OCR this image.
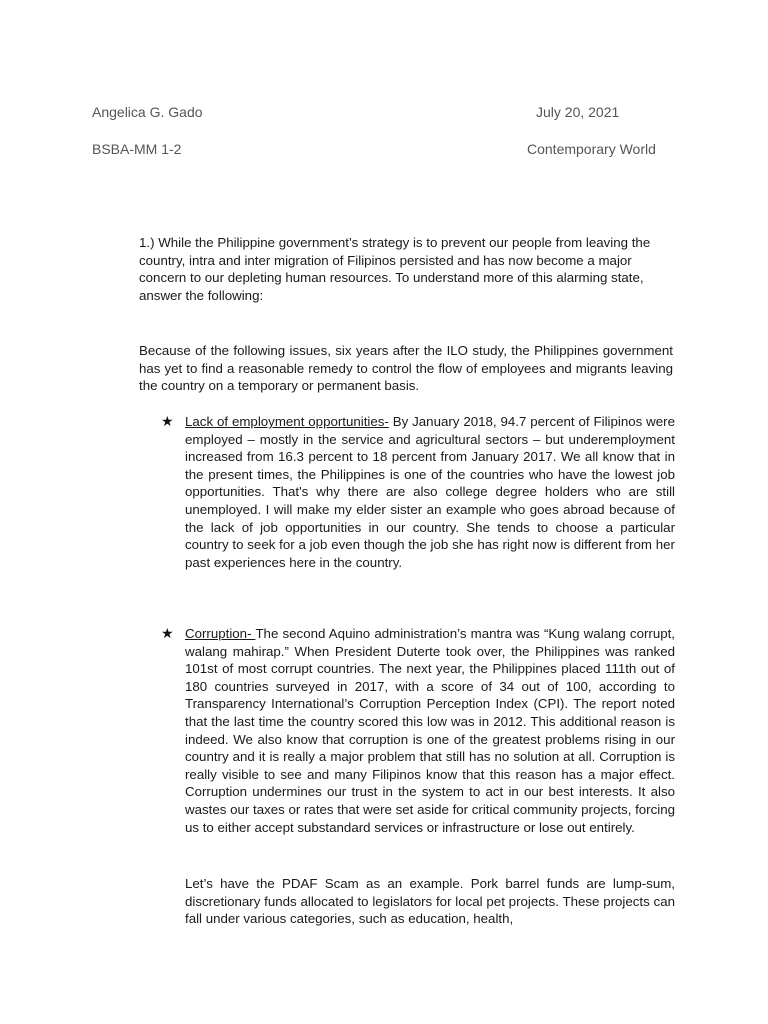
Angelica G. Gado	July 20, 2021
BSBA-MM 1-2	Contemporary World

1.) While the Philippine government’s strategy is to prevent our people from leaving the country, intra and inter migration of Filipinos persisted and has now become a major concern to our depleting human resources. To understand more of this alarming state, answer the following:

Because of the following issues, six years after the ILO study, the Philippines government has yet to find a reasonable remedy to control the flow of employees and migrants leaving the country on a temporary or permanent basis.

★ Lack of employment opportunities- By January 2018, 94.7 percent of Filipinos were employed – mostly in the service and agricultural sectors – but underemployment increased from 16.3 percent to 18 percent from January 2017. We all know that in the present times, the Philippines is one of the countries who have the lowest job opportunities. That's why there are also college degree holders who are still unemployed. I will make my elder sister an example who goes abroad because of the lack of job opportunities in our country. She tends to choose a particular country to seek for a job even though the job she has right now is different from her past experiences here in the country.

★ Corruption- The second Aquino administration’s mantra was “Kung walang corrupt, walang mahirap.” When President Duterte took over, the Philippines was ranked 101st of most corrupt countries. The next year, the Philippines placed 111th out of 180 countries surveyed in 2017, with a score of 34 out of 100, according to Transparency International’s Corruption Perception Index (CPI). The report noted that the last time the country scored this low was in 2012. This additional reason is indeed. We also know that corruption is one of the greatest problems rising in our country and it is really a major problem that still has no solution at all. Corruption is really visible to see and many Filipinos know that this reason has a major effect. Corruption undermines our trust in the system to act in our best interests. It also wastes our taxes or rates that were set aside for critical community projects, forcing us to either accept substandard services or infrastructure or lose out entirely.

Let’s have the PDAF Scam as an example. Pork barrel funds are lump-sum, discretionary funds allocated to legislators for local pet projects. These projects can fall under various categories, such as education, health,
